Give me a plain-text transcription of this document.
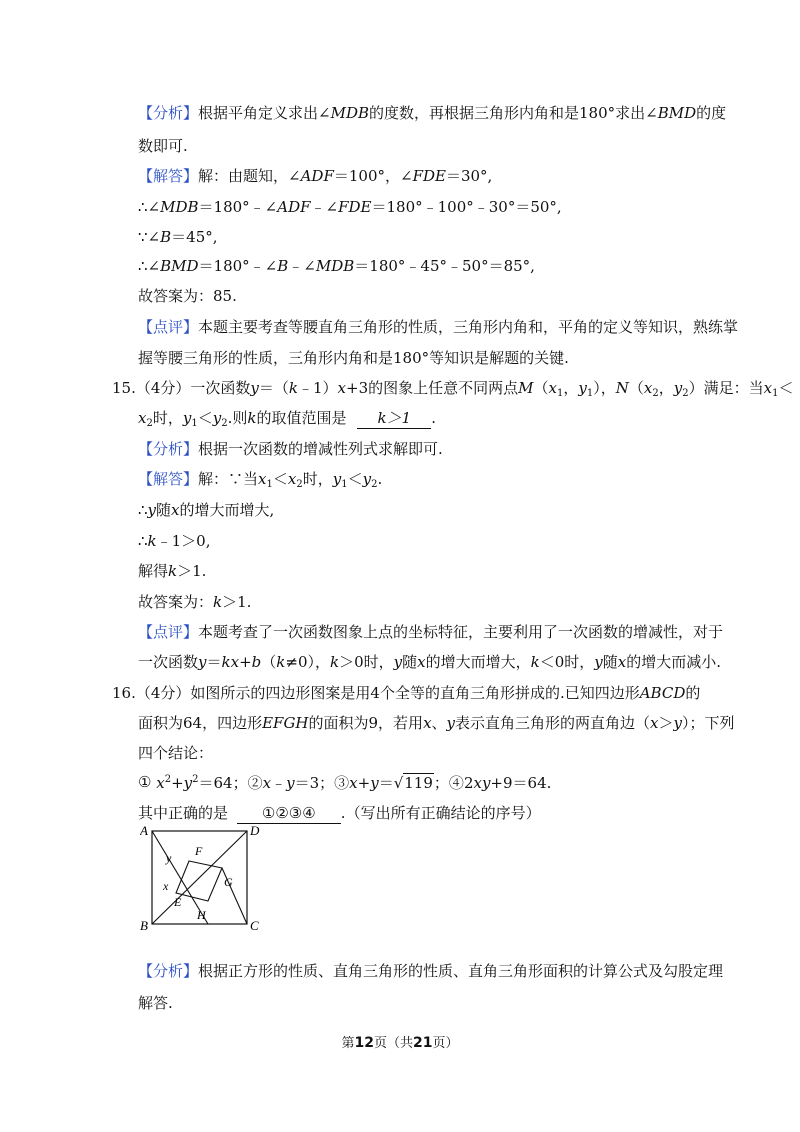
【分析】根据平角定义求出∠MDB的度数，再根据三角形内角和是180°求出∠BMD的度
数即可.
【解答】解：由题知，∠ADF＝100°，∠FDE＝30°,
∴∠MDB＝180°﹣∠ADF﹣∠FDE＝180°﹣100°﹣30°＝50°,
∵∠B＝45°,
∴∠BMD＝180°﹣∠B﹣∠MDB＝180°﹣45°﹣50°＝85°,
故答案为：85.
【点评】本题主要考查等腰直角三角形的性质，三角形内角和，平角的定义等知识，熟练掌
握等腰三角形的性质，三角形内角和是180°等知识是解题的关键.
15.（4分）一次函数y＝（k﹣1）x+3的图象上任意不同两点$M(x_1$，$y_1$），$N(x_2$，$y_2$）满足：当$x_1<$
$x_2$时，$y_1<y_2$.则k的取值范围是 k＞1 .
【分析】根据一次函数的增减性列式求解即可.
【解答】解：∵当$x_1<x_2$时，$y_1<y_2$.
∴y随x的增大而增大,
∴k﹣1＞0,
解得k＞1.
故答案为：k＞1.
【点评】本题考查了一次函数图象上点的坐标特征，主要利用了一次函数的增减性，对于
一次函数y＝kx+b（k≠0），k＞0时，y随x的增大而增大，k＜0时，y随x的增大而减小.
16.（4分）如图所示的四边形图案是用4个全等的直角三角形拼成的.已知四边形ABCD的
面积为64，四边形EFGH的面积为9，若用x、y表示直角三角形的两直角边（x＞y）；下列
四个结论：
① $x^2+y^2=64$；②x﹣y＝3；③x+y＝√119；④2xy+9＝64.
其中正确的是 ①②③④ .（写出所有正确结论的序号）
A	D
B	C
F
G
E
H
y
x
【分析】根据正方形的性质、直角三角形的性质、直角三角形面积的计算公式及勾股定理
解答.
第12页（共21页）
